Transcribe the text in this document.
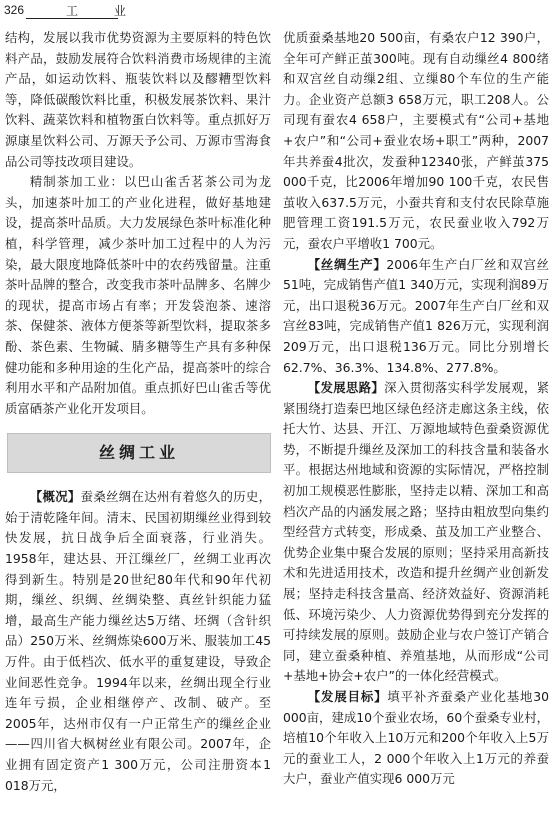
326	工 业

结构，发展以我市优势资源为主要原料的特色饮料产品，鼓励发展符合饮料消费市场规律的主流产品，如运动饮料、瓶装饮料以及醪糟型饮料等，降低碳酸饮料比重，积极发展茶饮料、果汁饮料、蔬菜饮料和植物蛋白饮料等。重点抓好万源康星饮料公司、万源天予公司、万源市雪海食品公司等技改项目建设。

精制茶加工业：以巴山雀舌茗茶公司为龙头，加速茶叶加工的产业化进程，做好基地建设，提高茶叶品质。大力发展绿色茶叶标准化种植，科学管理，减少茶叶加工过程中的人为污染，最大限度地降低茶叶中的农药残留量。注重茶叶品牌的整合，改变我市茶叶品牌多、名牌少的现状，提高市场占有率；开发袋泡茶、速溶茶、保健茶、液体方便茶等新型饮料，提取茶多酚、茶色素、生物碱、腈多糖等生产具有多种保健功能和多种用途的生化产品，提高茶叶的综合利用水平和产品附加值。重点抓好巴山雀舌等优质富硒茶产业化开发项目。

丝绸工业

【概况】蚕桑丝绸在达州有着悠久的历史，始于清乾隆年间。清末、民国初期缫丝业得到较快发展，抗日战争后全面衰落，行业消失。1958年，建达县、开江缫丝厂，丝绸工业再次得到新生。特别是20世纪80年代和90年代初期，缫丝、织绸、丝绸染整、真丝针织能力猛增，最高生产能力缫丝达5万绪、坯绸（含针织品）250万米、丝绸炼染600万米、服装加工45万件。由于低档次、低水平的重复建设，导致企业间恶性竞争。1994年以来，丝绸出现全行业连年亏损，企业相继停产、改制、破产。至2005年，达州市仅有一户正常生产的缫丝企业——四川省大枫树丝业有限公司。2007年，企业拥有固定资产1 300万元，公司注册资本1 018万元，

优质蚕桑基地20 500亩，有桑农户12 390户，全年可产鲜正茧300吨。现有自动缫丝4 800绪和双宫丝自动缫2组、立缫80个车位的生产能力。企业资产总额3 658万元，职工208人。公司现有蚕农4 658户，主要模式有“公司+基地+农户”和“公司+蚕业农场+职工”两种，2007年共养蚕4批次，发蚕种12340张，产鲜茧375 000千克，比2006年增加90 100千克，农民售茧收入637.5万元，小蚕共育和支付农民除草施肥管理工资191.5万元，农民蚕业收入792万元，蚕农户平增收1 700元。

【丝绸生产】2006年生产白厂丝和双宫丝51吨，完成销售产值1 340万元，实现利润89万元，出口退税36万元。2007年生产白厂丝和双宫丝83吨，完成销售产值1 826万元，实现利润209万元，出口退税136万元。同比分别增长62.7%、36.3%、134.8%、277.8%。

【发展思路】深入贯彻落实科学发展观，紧紧围绕打造秦巴地区绿色经济走廊这条主线，依托大竹、达县、开江、万源地域特色蚕桑资源优势，不断提升缫丝及深加工的科技含量和装备水平。根据达州地域和资源的实际情况，严格控制初加工规模恶性膨胀，坚持走以精、深加工和高档次产品的内涵发展之路；坚持由粗放型向集约型经营方式转变，形成桑、茧及加工产业整合、优势企业集中聚合发展的原则；坚持采用高新技术和先进适用技术，改造和提升丝绸产业创新发展；坚持走科技含量高、经济效益好、资源消耗低、环境污染少、人力资源优势得到充分发挥的可持续发展的原则。鼓励企业与农户签订产销合同，建立蚕桑种植、养殖基地，从而形成“公司+基地+协会+农户”的一体化经营模式。

【发展目标】填平补齐蚕桑产业化基地30 000亩，建成10个蚕业农场，60个蚕桑专业村，培植10个年收入上10万元和200个年收入上5万元的蚕业工人，2 000个年收入上1万元的养蚕大户，蚕业产值实现6 000万元
